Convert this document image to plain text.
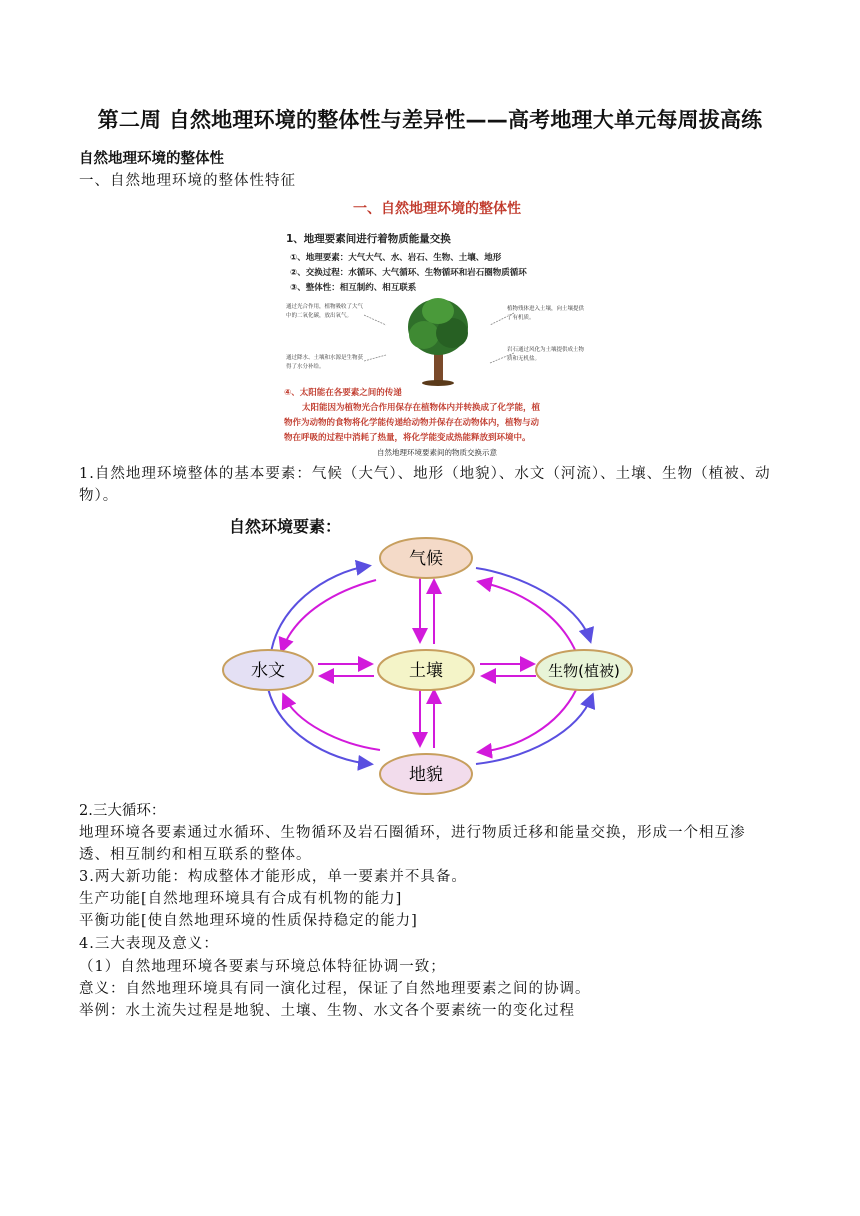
第二周 自然地理环境的整体性与差异性——高考地理大单元每周拔高练
自然地理环境的整体性
一、自然地理环境的整体性特征
一、自然地理环境的整体性
1、地理要素间进行着物质能量交换
①、地理要素：大气大气、水、岩石、生物、土壤、地形
②、交换过程：水循环、大气循环、生物循环和岩石圈物质循环
③、整体性：相互制约、相互联系
通过光合作用，植物吸收了大气中的二氧化碳，放出氧气。
植物残体进入土壤，向土壤提供了有机质。
通过降水、土壤和水源是生物获得了水分补给。
岩石通过风化为土壤提供成土物质和无机盐。
④、太阳能在各要素之间的传递
太阳能因为植物光合作用保存在植物体内并转换成了化学能，植
物作为动物的食物将化学能传递给动物并保存在动物体内，植物与动
物在呼吸的过程中消耗了热量，将化学能变成热能释放到环境中。
自然地理环境要素间的物质交换示意
1.自然地理环境整体的基本要素：气候（大气）、地形（地貌）、水文（河流）、土壤、生物（植被、动物）。
自然环境要素：
气候
水文	土壤	生物(植被)
地貌
2.三大循环：
地理环境各要素通过水循环、生物循环及岩石圈循环，进行物质迁移和能量交换，形成一个相互渗透、相互制约和相互联系的整体。
3.两大新功能：构成整体才能形成，单一要素并不具备。
生产功能[自然地理环境具有合成有机物的能力]
平衡功能[使自然地理环境的性质保持稳定的能力]
4.三大表现及意义：
（1）自然地理环境各要素与环境总体特征协调一致；
意义：自然地理环境具有同一演化过程，保证了自然地理要素之间的协调。
举例：水土流失过程是地貌、土壤、生物、水文各个要素统一的变化过程
